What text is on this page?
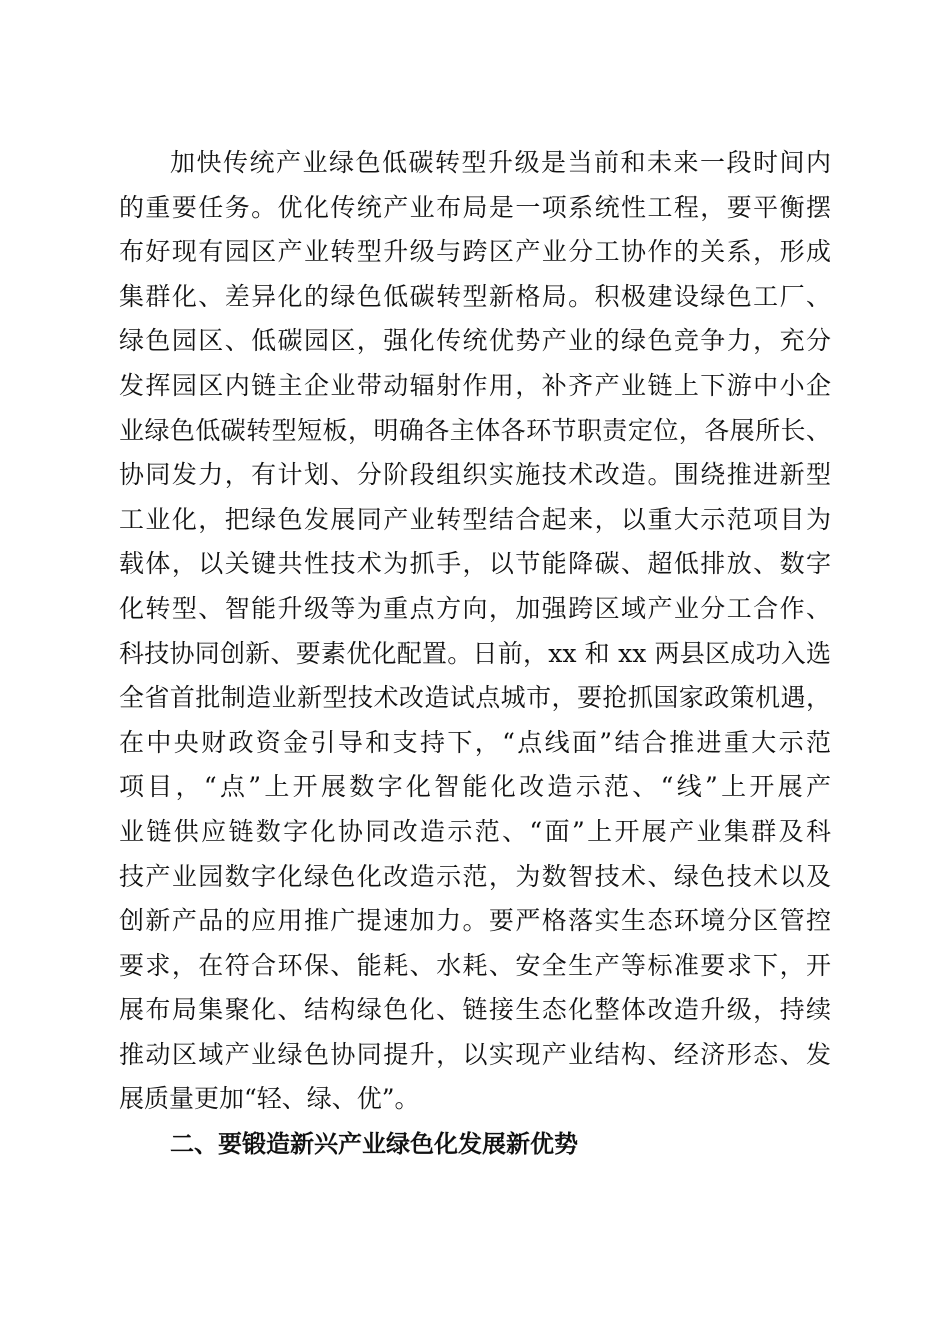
加快传统产业绿色低碳转型升级是当前和未来一段时间内
的重要任务。优化传统产业布局是一项系统性工程，要平衡摆
布好现有园区产业转型升级与跨区产业分工协作的关系，形成
集群化、差异化的绿色低碳转型新格局。积极建设绿色工厂、
绿色园区、低碳园区，强化传统优势产业的绿色竞争力，充分
发挥园区内链主企业带动辐射作用，补齐产业链上下游中小企
业绿色低碳转型短板，明确各主体各环节职责定位，各展所长、
协同发力，有计划、分阶段组织实施技术改造。围绕推进新型
工业化，把绿色发展同产业转型结合起来，以重大示范项目为
载体，以关键共性技术为抓手，以节能降碳、超低排放、数字
化转型、智能升级等为重点方向，加强跨区域产业分工合作、
科技协同创新、要素优化配置。日前，xx 和 xx 两县区成功入选
全省首批制造业新型技术改造试点城市，要抢抓国家政策机遇，
在中央财政资金引导和支持下，“点线面”结合推进重大示范
项目，“点”上开展数字化智能化改造示范、“线”上开展产
业链供应链数字化协同改造示范、“面”上开展产业集群及科
技产业园数字化绿色化改造示范，为数智技术、绿色技术以及
创新产品的应用推广提速加力。要严格落实生态环境分区管控
要求，在符合环保、能耗、水耗、安全生产等标准要求下，开
展布局集聚化、结构绿色化、链接生态化整体改造升级，持续
推动区域产业绿色协同提升，以实现产业结构、经济形态、发
展质量更加“轻、绿、优”。

二、要锻造新兴产业绿色化发展新优势
